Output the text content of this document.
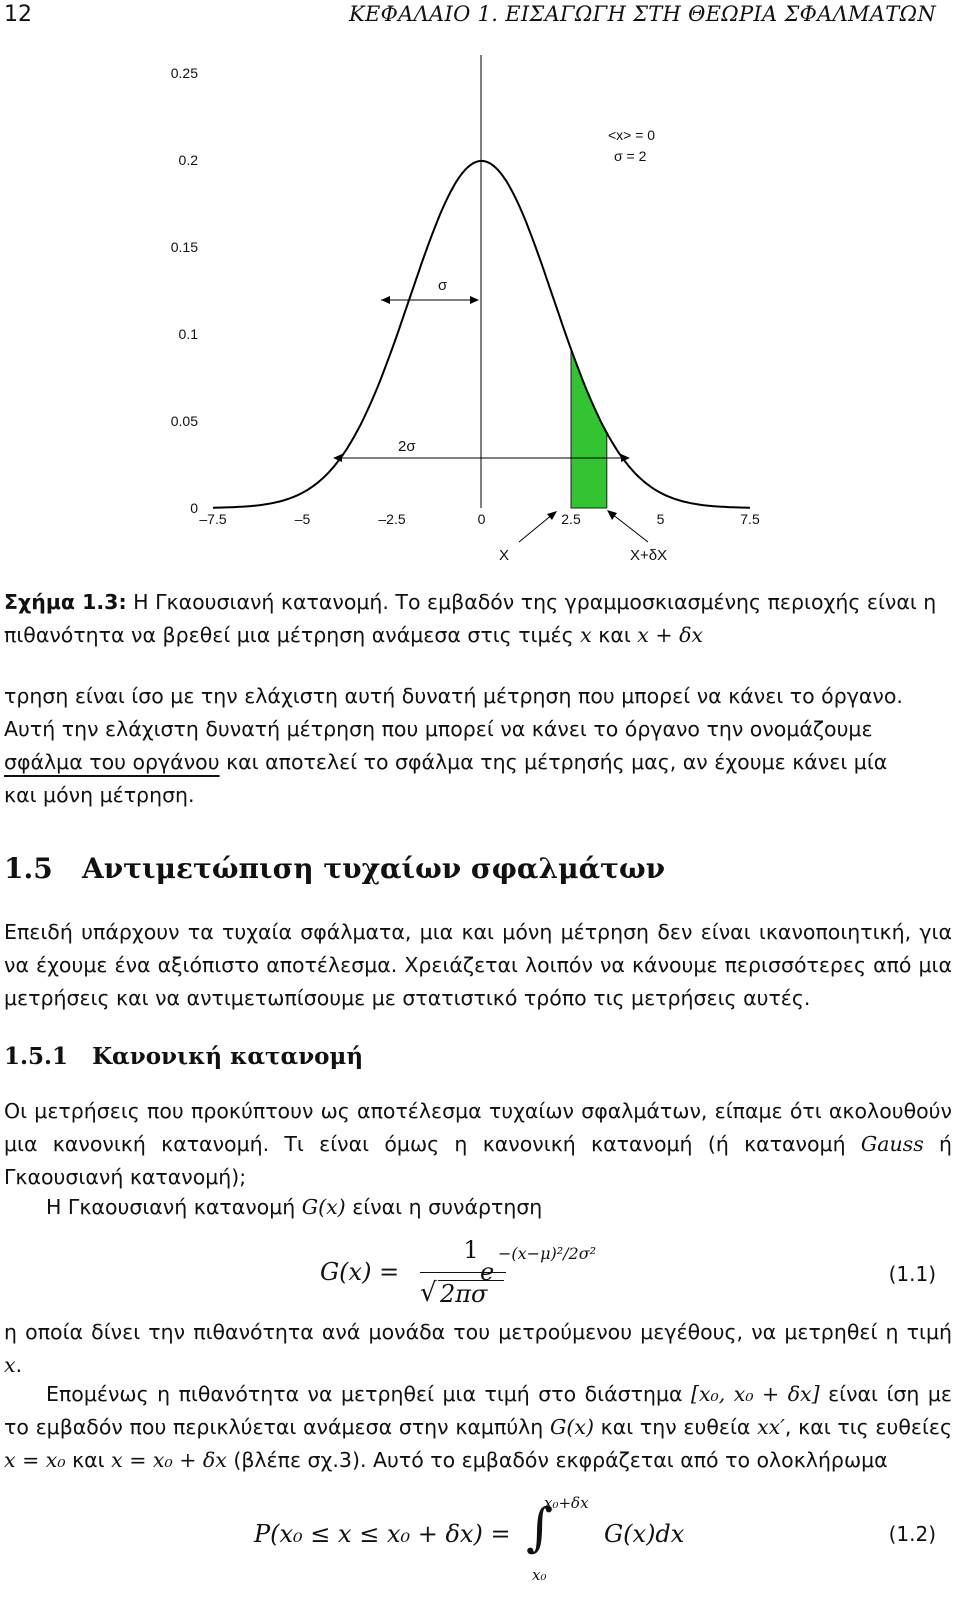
12	ΚΕΦΑΛΑΙΟ 1. ΕΙΣΑΓΩΓΗ ΣΤΗ ΘΕΩΡΙΑ ΣΦΑΛΜΑΤΩΝ
0
0.05
0.1
0.15
0.2
0.25
–7.5	–5	–2.5	0	2.5	5	7.5
σ
2σ
X	X+δX
<x> = 0
σ = 2
Σχήμα 1.3: Η Γκαουσιανή κατανομή. Το εμβαδόν της γραμμοσκιασμένης περιοχής είναι η
πιθανότητα να βρεθεί μια μέτρηση ανάμεσα στις τιμές x και x + δx
τρηση είναι ίσο με την ελάχιστη αυτή δυνατή μέτρηση που μπορεί να κάνει το όργανο.
Αυτή την ελάχιστη δυνατή μέτρηση που μπορεί να κάνει το όργανο την ονομάζουμε
σφάλμα του οργάνου και αποτελεί το σφάλμα της μέτρησής μας, αν έχουμε κάνει μία
και μόνη μέτρηση.
1.5 Αντιμετώπιση τυχαίων σφαλμάτων
Επειδή υπάρχουν τα τυχαία σφάλματα, μια και μόνη μέτρηση δεν είναι ικανοποιητική, για να έχουμε ένα αξιόπιστο αποτέλεσμα. Χρειάζεται λοιπόν να κάνουμε περισσότερες από μια μετρήσεις και να αντιμετωπίσουμε με στατιστικό τρόπο τις μετρήσεις αυτές.
1.5.1 Κανονική κατανομή
Οι μετρήσεις που προκύπτουν ως αποτέλεσμα τυχαίων σφαλμάτων, είπαμε ότι ακολουθούν μια κανονική κατανομή. Τι είναι όμως η κανονική κατανομή (ή κατανομή Gauss ή Γκαουσιανή κατανομή);
Η Γκαουσιανή κατανομή G(x) είναι η συνάρτηση
G(x) =
1
√ 2πσ
e
−(x−μ)²/2σ²
(1.1)
η οποία δίνει την πιθανότητα ανά μονάδα του μετρούμενου μεγέθους, να μετρηθεί η τιμή x.
Επομένως η πιθανότητα να μετρηθεί μια τιμή στο διάστημα [x₀, x₀ + δx] είναι ίση με το εμβαδόν που περικλύεται ανάμεσα στην καμπύλη G(x) και την ευθεία xx′, και τις ευθείες x = x₀ και x = x₀ + δx (βλέπε σχ.3). Αυτό το εμβαδόν εκφράζεται από το ολοκλήρωμα
P(x₀ ≤ x ≤ x₀ + δx) = ∫
x₀+δx
x₀
G(x)dx	(1.2)
